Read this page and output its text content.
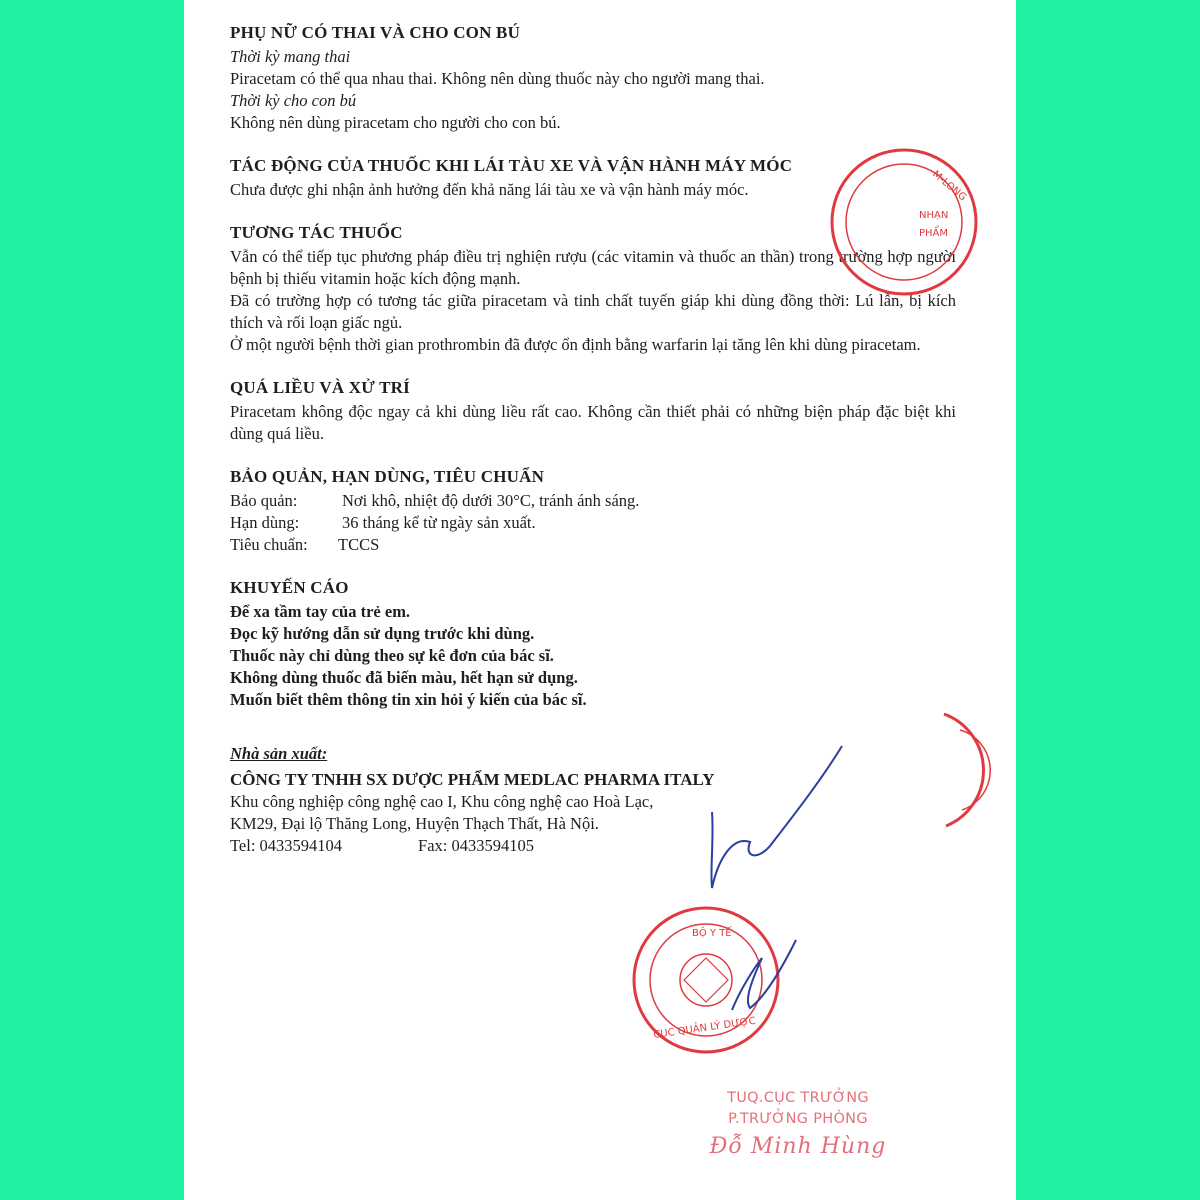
PHỤ NỮ CÓ THAI VÀ CHO CON BÚ

Thời kỳ mang thai

Piracetam có thể qua nhau thai. Không nên dùng thuốc này cho người mang thai.

Thời kỳ cho con bú

Không nên dùng piracetam cho người cho con bú.

TÁC ĐỘNG CỦA THUỐC KHI LÁI TÀU XE VÀ VẬN HÀNH MÁY MÓC

Chưa được ghi nhận ảnh hưởng đến khả năng lái tàu xe và vận hành máy móc.

TƯƠNG TÁC THUỐC

Vẫn có thể tiếp tục phương pháp điều trị nghiện rượu (các vitamin và thuốc an thần) trong trường hợp người bệnh bị thiếu vitamin hoặc kích động mạnh.

Đã có trường hợp có tương tác giữa piracetam và tinh chất tuyến giáp khi dùng đồng thời: Lú lẫn, bị kích thích và rối loạn giấc ngủ.

Ở một người bệnh thời gian prothrombin đã được ổn định bằng warfarin lại tăng lên khi dùng piracetam.

QUÁ LIỀU VÀ XỬ TRÍ

Piracetam không độc ngay cả khi dùng liều rất cao. Không cần thiết phải có những biện pháp đặc biệt khi dùng quá liều.

BẢO QUẢN, HẠN DÙNG, TIÊU CHUẨN
Bảo quản:	Nơi khô, nhiệt độ dưới 30°C, tránh ánh sáng.
Hạn dùng:	36 tháng kể từ ngày sản xuất.
Tiêu chuẩn:	TCCS
KHUYẾN CÁO

Để xa tầm tay của trẻ em.

Đọc kỹ hướng dẫn sử dụng trước khi dùng.

Thuốc này chỉ dùng theo sự kê đơn của bác sĩ.

Không dùng thuốc đã biến màu, hết hạn sử dụng.

Muốn biết thêm thông tin xin hỏi ý kiến của bác sĩ.

Nhà sản xuất:

CÔNG TY TNHH SX DƯỢC PHẨM MEDLAC PHARMA ITALY

Khu công nghiệp công nghệ cao I, Khu công nghệ cao Hoà Lạc,

KM29, Đại lộ Thăng Long, Huyện Thạch Thất, Hà Nội.

Tel: 0433594104	Fax: 0433594105

M-LONG
NHẠN
PHẨM
BỘ Y TẾ
CỤC QUẢN LÝ DƯỢC
TUQ.CỤC TRƯỞNG
P.TRƯỞNG PHÒNG
Đỗ Minh Hùng
